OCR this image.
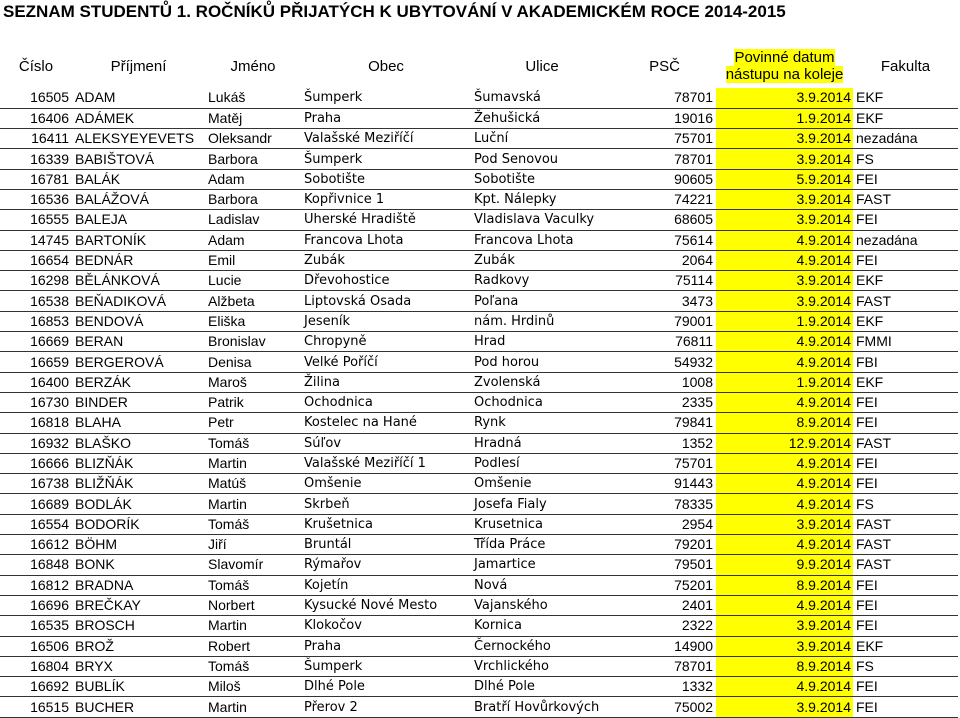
SEZNAM STUDENTŮ 1. ROČNÍKŮ PŘIJATÝCH K UBYTOVÁNÍ V AKADEMICKÉM ROCE 2014-2015
Číslo	Příjmení	Jméno	Obec	Ulice	PSČ	Povinné datum
nástupu na koleje	Fakulta
16505	ADAM	Lukáš	Šumperk	Šumavská	78701	3.9.2014	EKF
16406	ADÁMEK	Matěj	Praha	Žehušická	19016	1.9.2014	EKF
16411	ALEKSYEYEVETS	Oleksandr	Valašské Meziříčí	Luční	75701	3.9.2014	nezadána
16339	BABIŠTOVÁ	Barbora	Šumperk	Pod Senovou	78701	3.9.2014	FS
16781	BALÁK	Adam	Sobotište	Sobotište	90605	5.9.2014	FEI
16536	BALÁŽOVÁ	Barbora	Kopřivnice 1	Kpt. Nálepky	74221	3.9.2014	FAST
16555	BALEJA	Ladislav	Uherské Hradiště	Vladislava Vaculky	68605	3.9.2014	FEI
14745	BARTONÍK	Adam	Francova Lhota	Francova Lhota	75614	4.9.2014	nezadána
16654	BEDNÁR	Emil	Zubák	Zubák	2064	4.9.2014	FEI
16298	BĚLÁNKOVÁ	Lucie	Dřevohostice	Radkovy	75114	3.9.2014	EKF
16538	BEŇADIKOVÁ	Alžbeta	Liptovská Osada	Poľana	3473	3.9.2014	FAST
16853	BENDOVÁ	Eliška	Jeseník	nám. Hrdinů	79001	1.9.2014	EKF
16669	BERAN	Bronislav	Chropyně	Hrad	76811	4.9.2014	FMMI
16659	BERGEROVÁ	Denisa	Velké Poříčí	Pod horou	54932	4.9.2014	FBI
16400	BERZÁK	Maroš	Žilina	Zvolenská	1008	1.9.2014	EKF
16730	BINDER	Patrik	Ochodnica	Ochodnica	2335	4.9.2014	FEI
16818	BLAHA	Petr	Kostelec na Hané	Rynk	79841	8.9.2014	FEI
16932	BLAŠKO	Tomáš	Súľov	Hradná	1352	12.9.2014	FAST
16666	BLIZŇÁK	Martin	Valašské Meziříčí 1	Podlesí	75701	4.9.2014	FEI
16738	BLIŽŇÁK	Matúš	Omšenie	Omšenie	91443	4.9.2014	FEI
16689	BODLÁK	Martin	Skrbeň	Josefa Fialy	78335	4.9.2014	FS
16554	BODORÍK	Tomáš	Krušetnica	Krusetnica	2954	3.9.2014	FAST
16612	BÖHM	Jiří	Bruntál	Třída Práce	79201	4.9.2014	FAST
16848	BONK	Slavomír	Rýmařov	Jamartice	79501	9.9.2014	FAST
16812	BRADNA	Tomáš	Kojetín	Nová	75201	8.9.2014	FEI
16696	BREČKAY	Norbert	Kysucké Nové Mesto	Vajanského	2401	4.9.2014	FEI
16535	BROSCH	Martin	Klokočov	Kornica	2322	3.9.2014	FEI
16506	BROŽ	Robert	Praha	Černockého	14900	3.9.2014	EKF
16804	BRYX	Tomáš	Šumperk	Vrchlického	78701	8.9.2014	FS
16692	BUBLÍK	Miloš	Dlhé Pole	Dlhé Pole	1332	4.9.2014	FEI
16515	BUCHER	Martin	Přerov 2	Bratří Hovůrkových	75002	3.9.2014	FEI
